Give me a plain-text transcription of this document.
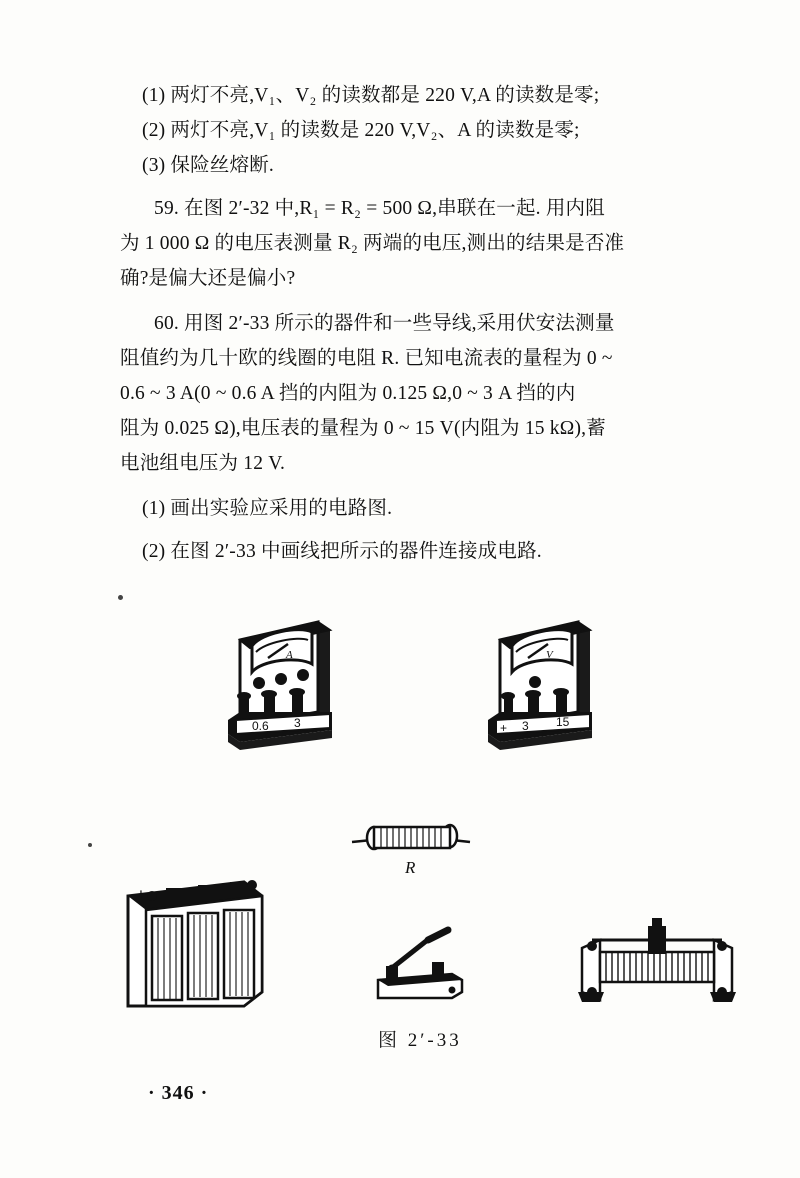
(1) 两灯不亮,V₁、V₂ 的读数都是 220 V,A 的读数是零;
(2) 两灯不亮,V₁ 的读数是 220 V,V₂、A 的读数是零;
(3) 保险丝熔断.
59. 在图 2′-32 中,R₁ = R₂ = 500 Ω,串联在一起. 用内阻
为 1 000 Ω 的电压表测量 R₂ 两端的电压,测出的结果是否准
确?是偏大还是偏小?
60. 用图 2′-33 所示的器件和一些导线,采用伏安法测量
阻值约为几十欧的线圈的电阻 R. 已知电流表的量程为 0 ~
0.6 ~ 3 A(0 ~ 0.6 A 挡的内阻为 0.125 Ω,0 ~ 3 A 挡的内
阻为 0.025 Ω),电压表的量程为 0 ~ 15 V(内阻为 15 kΩ),蓄
电池组电压为 12 V.
(1) 画出实验应采用的电路图.
(2) 在图 2′-33 中画线把所示的器件连接成电路.
A
0.6 3
V
+ 3 15
R
+
图 2′-33
· 346 ·
